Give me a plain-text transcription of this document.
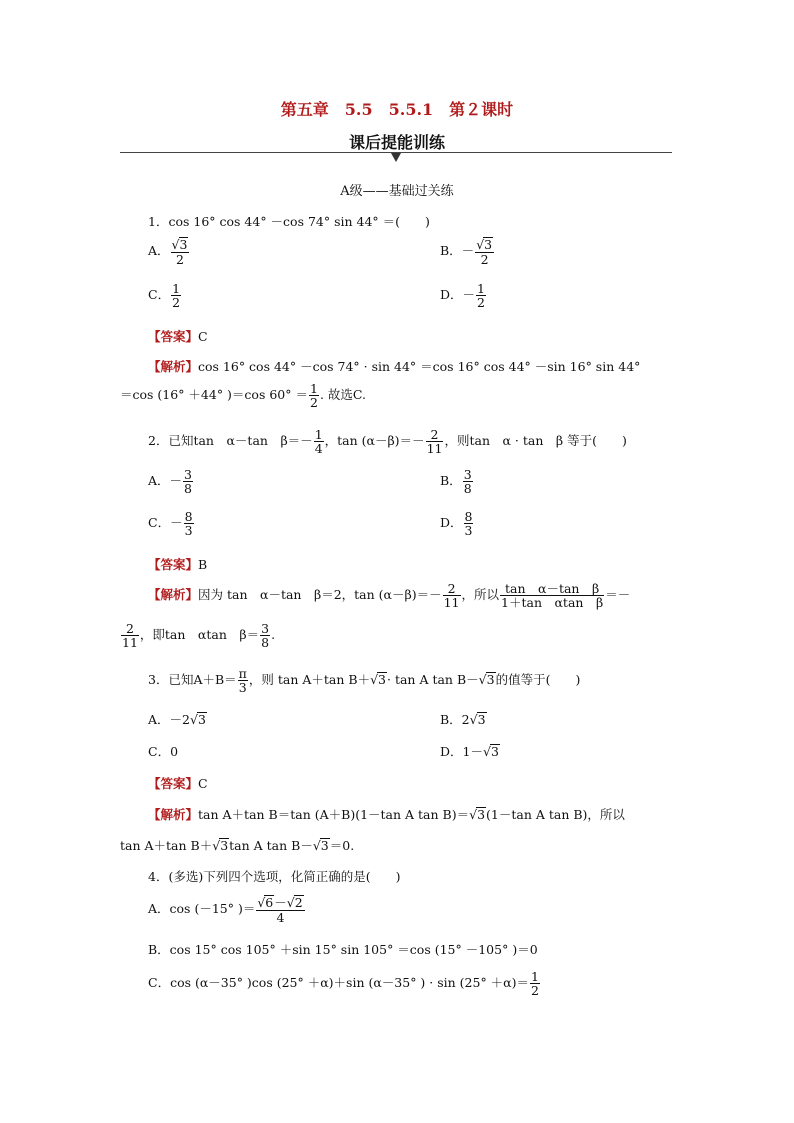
第五章　5.5　5.5.1　第２课时
课后提能训练
A级——基础过关练
1．cos 16° cos 44° －cos 74° sin 44° ＝(　　)
A． $\frac{√3}{2}$	B．－ $\frac{√3}{2}$
C． $\frac{1}{2}$	D．－ $\frac{1}{2}$
【答案】C
【解析】cos 16° cos 44° －cos 74° · sin 44° ＝cos 16° cos 44° －sin 16° sin 44°
＝cos (16° ＋44° )＝cos $60^\circ = \frac{1}{2}$ . 故选C.
2．已知tan　α－tan　$\beta=- \frac{1}{4}$ ，$\tan (\alpha-\beta)=- \frac{2}{11}$ ，则tan　α · tan　β 等于(　　)
A．－ $\frac{3}{8}$	B． $\frac{3}{8}$
C．－ $\frac{8}{3}$	D． $\frac{8}{3}$
【答案】B
【解析】因为 tan　α－tan　β＝2，$\tan (\alpha-\beta)=- \frac{2}{11}$ ，所以 $\frac{\text{tan　α－tan　β}}{\text{1＋tan　αtan　β}}$ ＝－
$\frac{2}{11}$ ，即tan　αtan　$\beta= \frac{3}{8}$ .
3．已知$A+B= \frac{\pi}{3}$ ，则 tan A＋tan B＋√3· tan A tan B－√3的值等于(　　)
A．－2√3	B．2√3
C．0	D．1－√3
【答案】C
【解析】tan A＋tan B＝tan (A＋B)(1－tan A tan B)＝√3(1－tan A tan B)，所以
tan A＋tan B＋√3tan A tan B－√3＝0.
4．(多选)下列四个选项，化简正确的是(　　)
A．cos (－15° )＝ $\frac{√6-√2}{4}$
B．cos 15° cos 105° ＋sin 15° sin 105° ＝cos (15° －105° )＝0
C．cos (α－35° )cos (25° ＋α)＋sin (α－35° ) · $\sin (25^\circ +\alpha)= \frac{1}{2}$
